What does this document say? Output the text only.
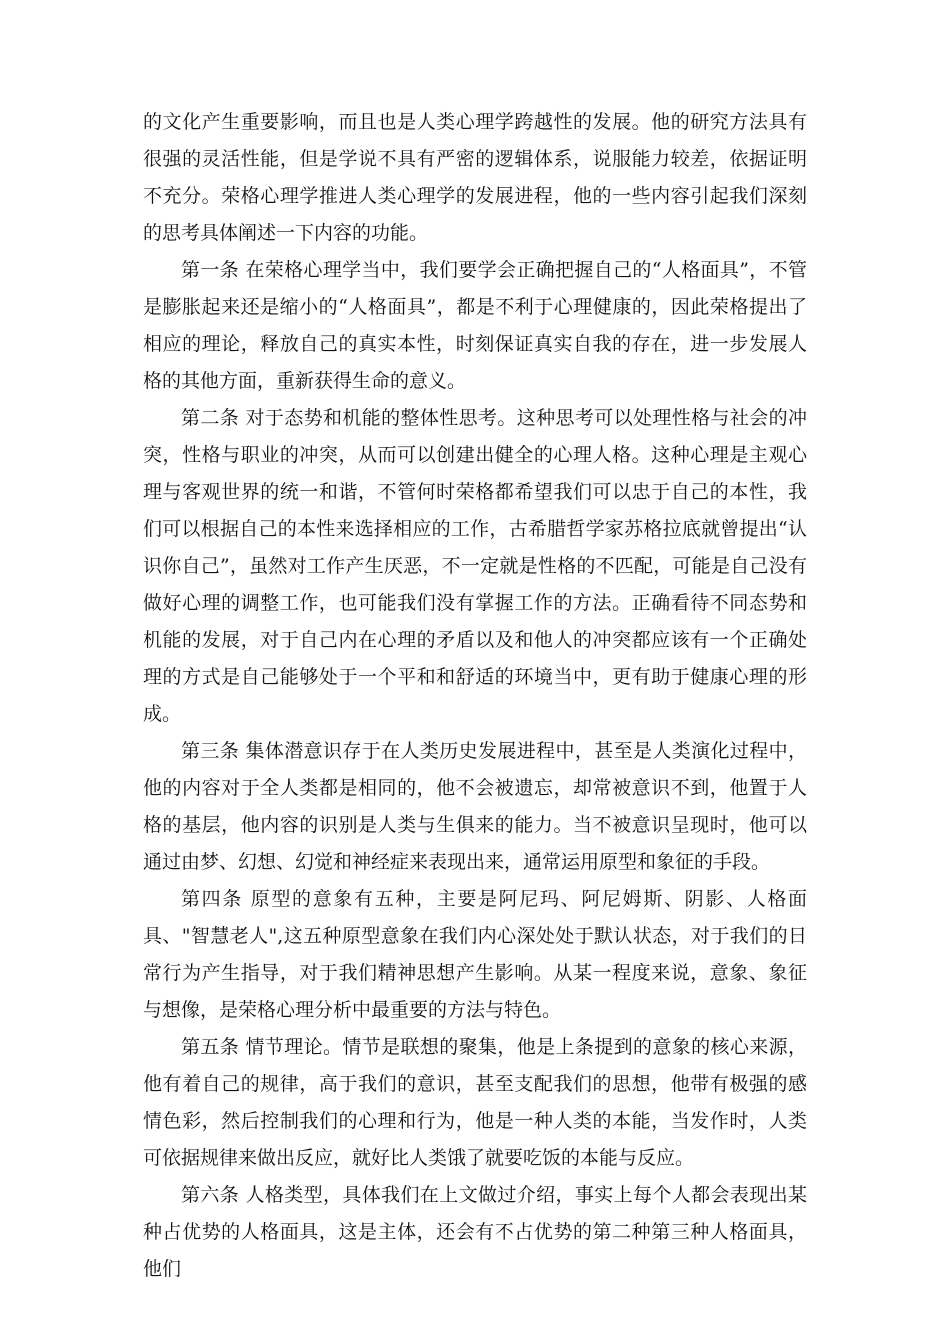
的文化产生重要影响，而且也是人类心理学跨越性的发展。他的研究方法具有很强的灵活性能，但是学说不具有严密的逻辑体系，说服能力较差，依据证明不充分。荣格心理学推进人类心理学的发展进程，他的一些内容引起我们深刻的思考具体阐述一下内容的功能。

第一条 在荣格心理学当中，我们要学会正确把握自己的“人格面具”，不管是膨胀起来还是缩小的“人格面具”，都是不利于心理健康的，因此荣格提出了相应的理论，释放自己的真实本性，时刻保证真实自我的存在，进一步发展人格的其他方面，重新获得生命的意义。

第二条 对于态势和机能的整体性思考。这种思考可以处理性格与社会的冲突，性格与职业的冲突，从而可以创建出健全的心理人格。这种心理是主观心理与客观世界的统一和谐，不管何时荣格都希望我们可以忠于自己的本性，我们可以根据自己的本性来选择相应的工作，古希腊哲学家苏格拉底就曾提出“认识你自己”，虽然对工作产生厌恶，不一定就是性格的不匹配，可能是自己没有做好心理的调整工作，也可能我们没有掌握工作的方法。正确看待不同态势和机能的发展，对于自己内在心理的矛盾以及和他人的冲突都应该有一个正确处理的方式是自己能够处于一个平和和舒适的环境当中，更有助于健康心理的形成。

第三条 集体潜意识存于在人类历史发展进程中，甚至是人类演化过程中，他的内容对于全人类都是相同的，他不会被遗忘，却常被意识不到，他置于人格的基层，他内容的识别是人类与生俱来的能力。当不被意识呈现时，他可以通过由梦、幻想、幻觉和神经症来表现出来，通常运用原型和象征的手段。

第四条 原型的意象有五种，主要是阿尼玛、阿尼姆斯、阴影、人格面具、"智慧老人",这五种原型意象在我们内心深处处于默认状态，对于我们的日常行为产生指导，对于我们精神思想产生影响。从某一程度来说，意象、象征与想像，是荣格心理分析中最重要的方法与特色。

第五条 情节理论。情节是联想的聚集，他是上条提到的意象的核心来源，他有着自己的规律，高于我们的意识，甚至支配我们的思想，他带有极强的感情色彩，然后控制我们的心理和行为，他是一种人类的本能，当发作时，人类可依据规律来做出反应，就好比人类饿了就要吃饭的本能与反应。

第六条 人格类型，具体我们在上文做过介绍，事实上每个人都会表现出某种占优势的人格面具，这是主体，还会有不占优势的第二种第三种人格面具，他们
